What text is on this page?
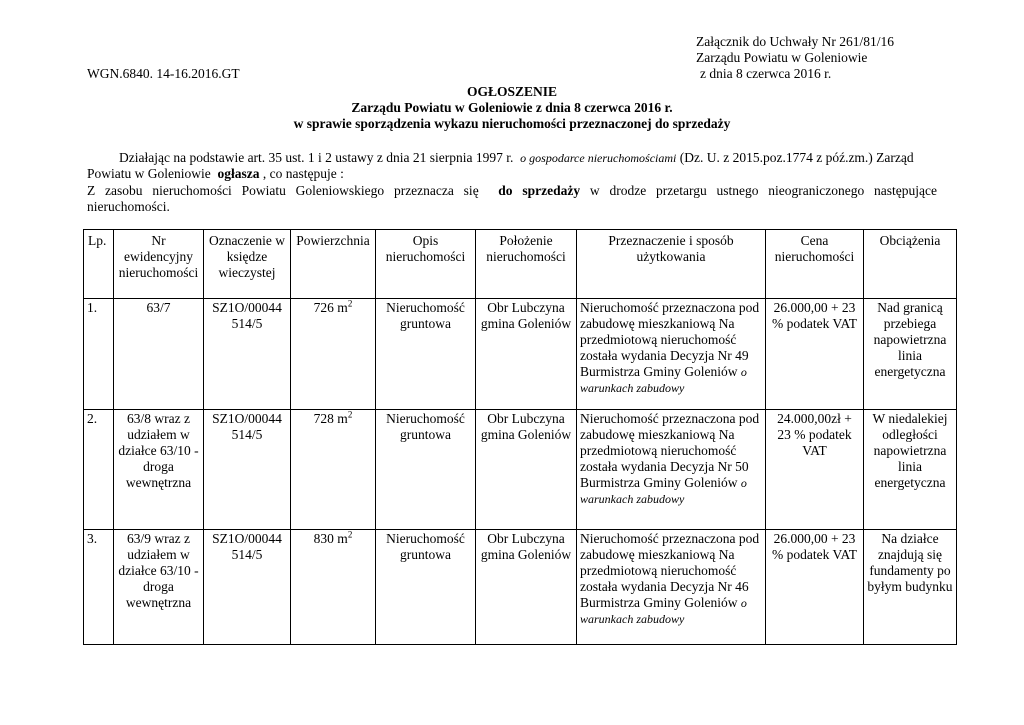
Załącznik do Uchwały Nr 261/81/16
Zarządu Powiatu w Goleniowie
z dnia 8 czerwca 2016 r.
WGN.6840. 14-16.2016.GT
OGŁOSZENIE
Zarządu Powiatu w Goleniowie z dnia 8 czerwca 2016 r.
w sprawie sporządzenia wykazu nieruchomości przeznaczonej do sprzedaży
Działając na podstawie art. 35 ust. 1 i 2 ustawy z dnia 21 sierpnia 1997 r. o gospodarce nieruchomościami (Dz. U. z 2015.poz.1774 z póź.zm.) Zarząd
Powiatu w Goleniowie ogłasza , co następuje :
Z zasobu nieruchomości Powiatu Goleniowskiego przeznacza się do sprzedaży w drodze przetargu ustnego nieograniczonego następujące
nieruchomości.
Lp.	Nr ewidencyjny nieruchomości	Oznaczenie w księdze wieczystej	Powierzchnia	Opis nieruchomości	Położenie nieruchomości	Przeznaczenie i sposób użytkowania	Cena nieruchomości	Obciążenia
1.	63/7	SZ1O/00044 514/5	726 $m^2$	Nieruchomość gruntowa	Obr Lubczyna gmina Goleniów	Nieruchomość przeznaczona pod zabudowę mieszkaniową Na przedmiotową nieruchomość została wydania Decyzja Nr 49 Burmistrza Gminy Goleniów o warunkach zabudowy	26.000,00 + 23 % podatek VAT	Nad granicą przebiega napowietrzna linia energetyczna
2.	63/8 wraz z udziałem w działce 63/10 - droga wewnętrzna	SZ1O/00044 514/5	728 $m^2$	Nieruchomość gruntowa	Obr Lubczyna gmina Goleniów	Nieruchomość przeznaczona pod zabudowę mieszkaniową Na przedmiotową nieruchomość została wydania Decyzja Nr 50 Burmistrza Gminy Goleniów o warunkach zabudowy	24.000,00zł + 23 % podatek VAT	W niedalekiej odległości napowietrzna linia energetyczna
3.	63/9 wraz z udziałem w działce 63/10 - droga wewnętrzna	SZ1O/00044 514/5	830 $m^2$	Nieruchomość gruntowa	Obr Lubczyna gmina Goleniów	Nieruchomość przeznaczona pod zabudowę mieszkaniową Na przedmiotową nieruchomość została wydania Decyzja Nr 46 Burmistrza Gminy Goleniów o warunkach zabudowy	26.000,00 + 23 % podatek VAT	Na działce znajdują się fundamenty po byłym budynku
